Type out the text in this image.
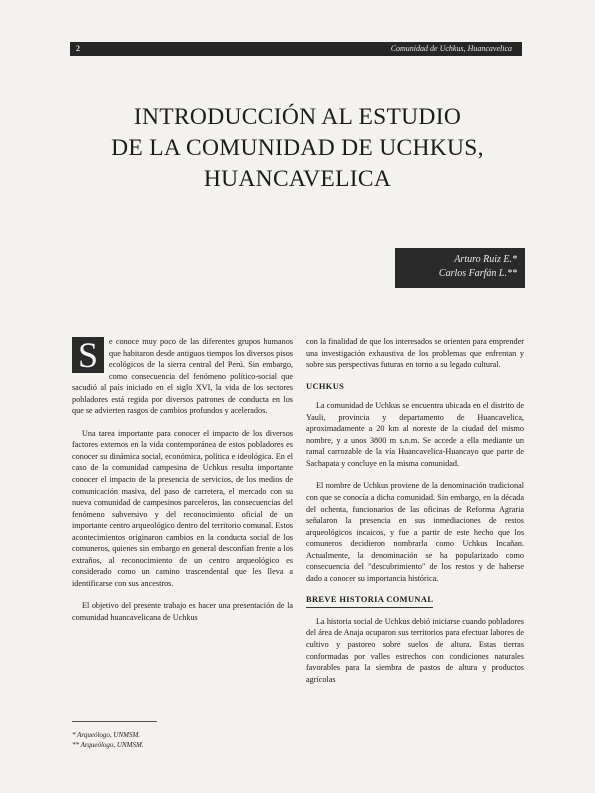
2	Comunidad de Uchkus, Huancavelica
INTRODUCCIÓN AL ESTUDIO
DE LA COMUNIDAD DE UCHKUS,
HUANCAVELICA
Arturo Ruiz E.*
Carlos Farfán L.**

S	e conoce muy poco de las diferentes grupos humanos que habitaron desde antiguos tiempos los diversos pisos ecológicos de la sierra central del Perú. Sin embargo, como consecuencia del fenómeno político-social que sacudió al país iniciado en el siglo XVI, la vida de los sectores pobladores está regida por diversos patrones de conducta en los que se advierten rasgos de cambios profundos y acelerados.

Una tarea importante para conocer el impacto de los diversos factores externos en la vida contemporánea de estos pobladores es conocer su dinámica social, económica, política e ideológica. En el caso de la comunidad campesina de Uchkus resulta importante conocer el impacto de la presencia de servicios, de los medios de comunicación masiva, del paso de carretera, el mercado con su nueva comunidad de campesinos parceleros, las consecuencias del fenómeno subversivo y del reconocimiento oficial de un importante centro arqueológico dentro del territorio comunal. Estos acontecimientos originaron cambios en la conducta social de los comuneros, quienes sin embargo en general desconfían frente a los extraños, al reconocimiento de un centro arqueológico es considerado como un camino trascendental que les lleva a identificarse con sus ancestros.

El objetivo del presente trabajo es hacer una presentación de la comunidad huancavelicana de Uchkus

con la finalidad de que los interesados se orienten para emprender una investigación exhaustiva de los problemas que enfrentan y sobre sus perspectivas futuras en torno a su legado cultural.

UCHKUS

La comunidad de Uchkus se encuentra ubicada en el distrito de Yauli, provincia y departamento de Huancavelica, aproximadamente a 20 km al noreste de la ciudad del mismo nombre, y a unos 3800 m s.n.m. Se accede a ella mediante un ramal carrozable de la vía Huancavelica-Huancayo que parte de Sachapata y concluye en la misma comunidad.

El nombre de Uchkus proviene de la denominación tradicional con que se conocía a dicha comunidad. Sin embargo, en la década del ochenta, funcionarios de las oficinas de Reforma Agraria señalaron la presencia en sus inmediaciones de restos arqueológicos incaicos, y fue a partir de este hecho que los comuneros decidieron nombrarla como Uchkus Incañan. Actualmente, la denominación se ha popularizado como consecuencia del "descubrimiento" de los restos y de haberse dado a conocer su importancia histórica.

BREVE HISTORIA COMUNAL

La historia social de Uchkus debió iniciarse cuando pobladores del área de Anaja ocuparon sus territorios para efectuar labores de cultivo y pastoreo sobre suelos de altura. Estas tierras conformadas por valles estrechos con condiciones naturales favorables para la siembra de pastos de altura y productos agrícolas

* Arqueólogo, UNMSM.
** Arqueólogo, UNMSM.
